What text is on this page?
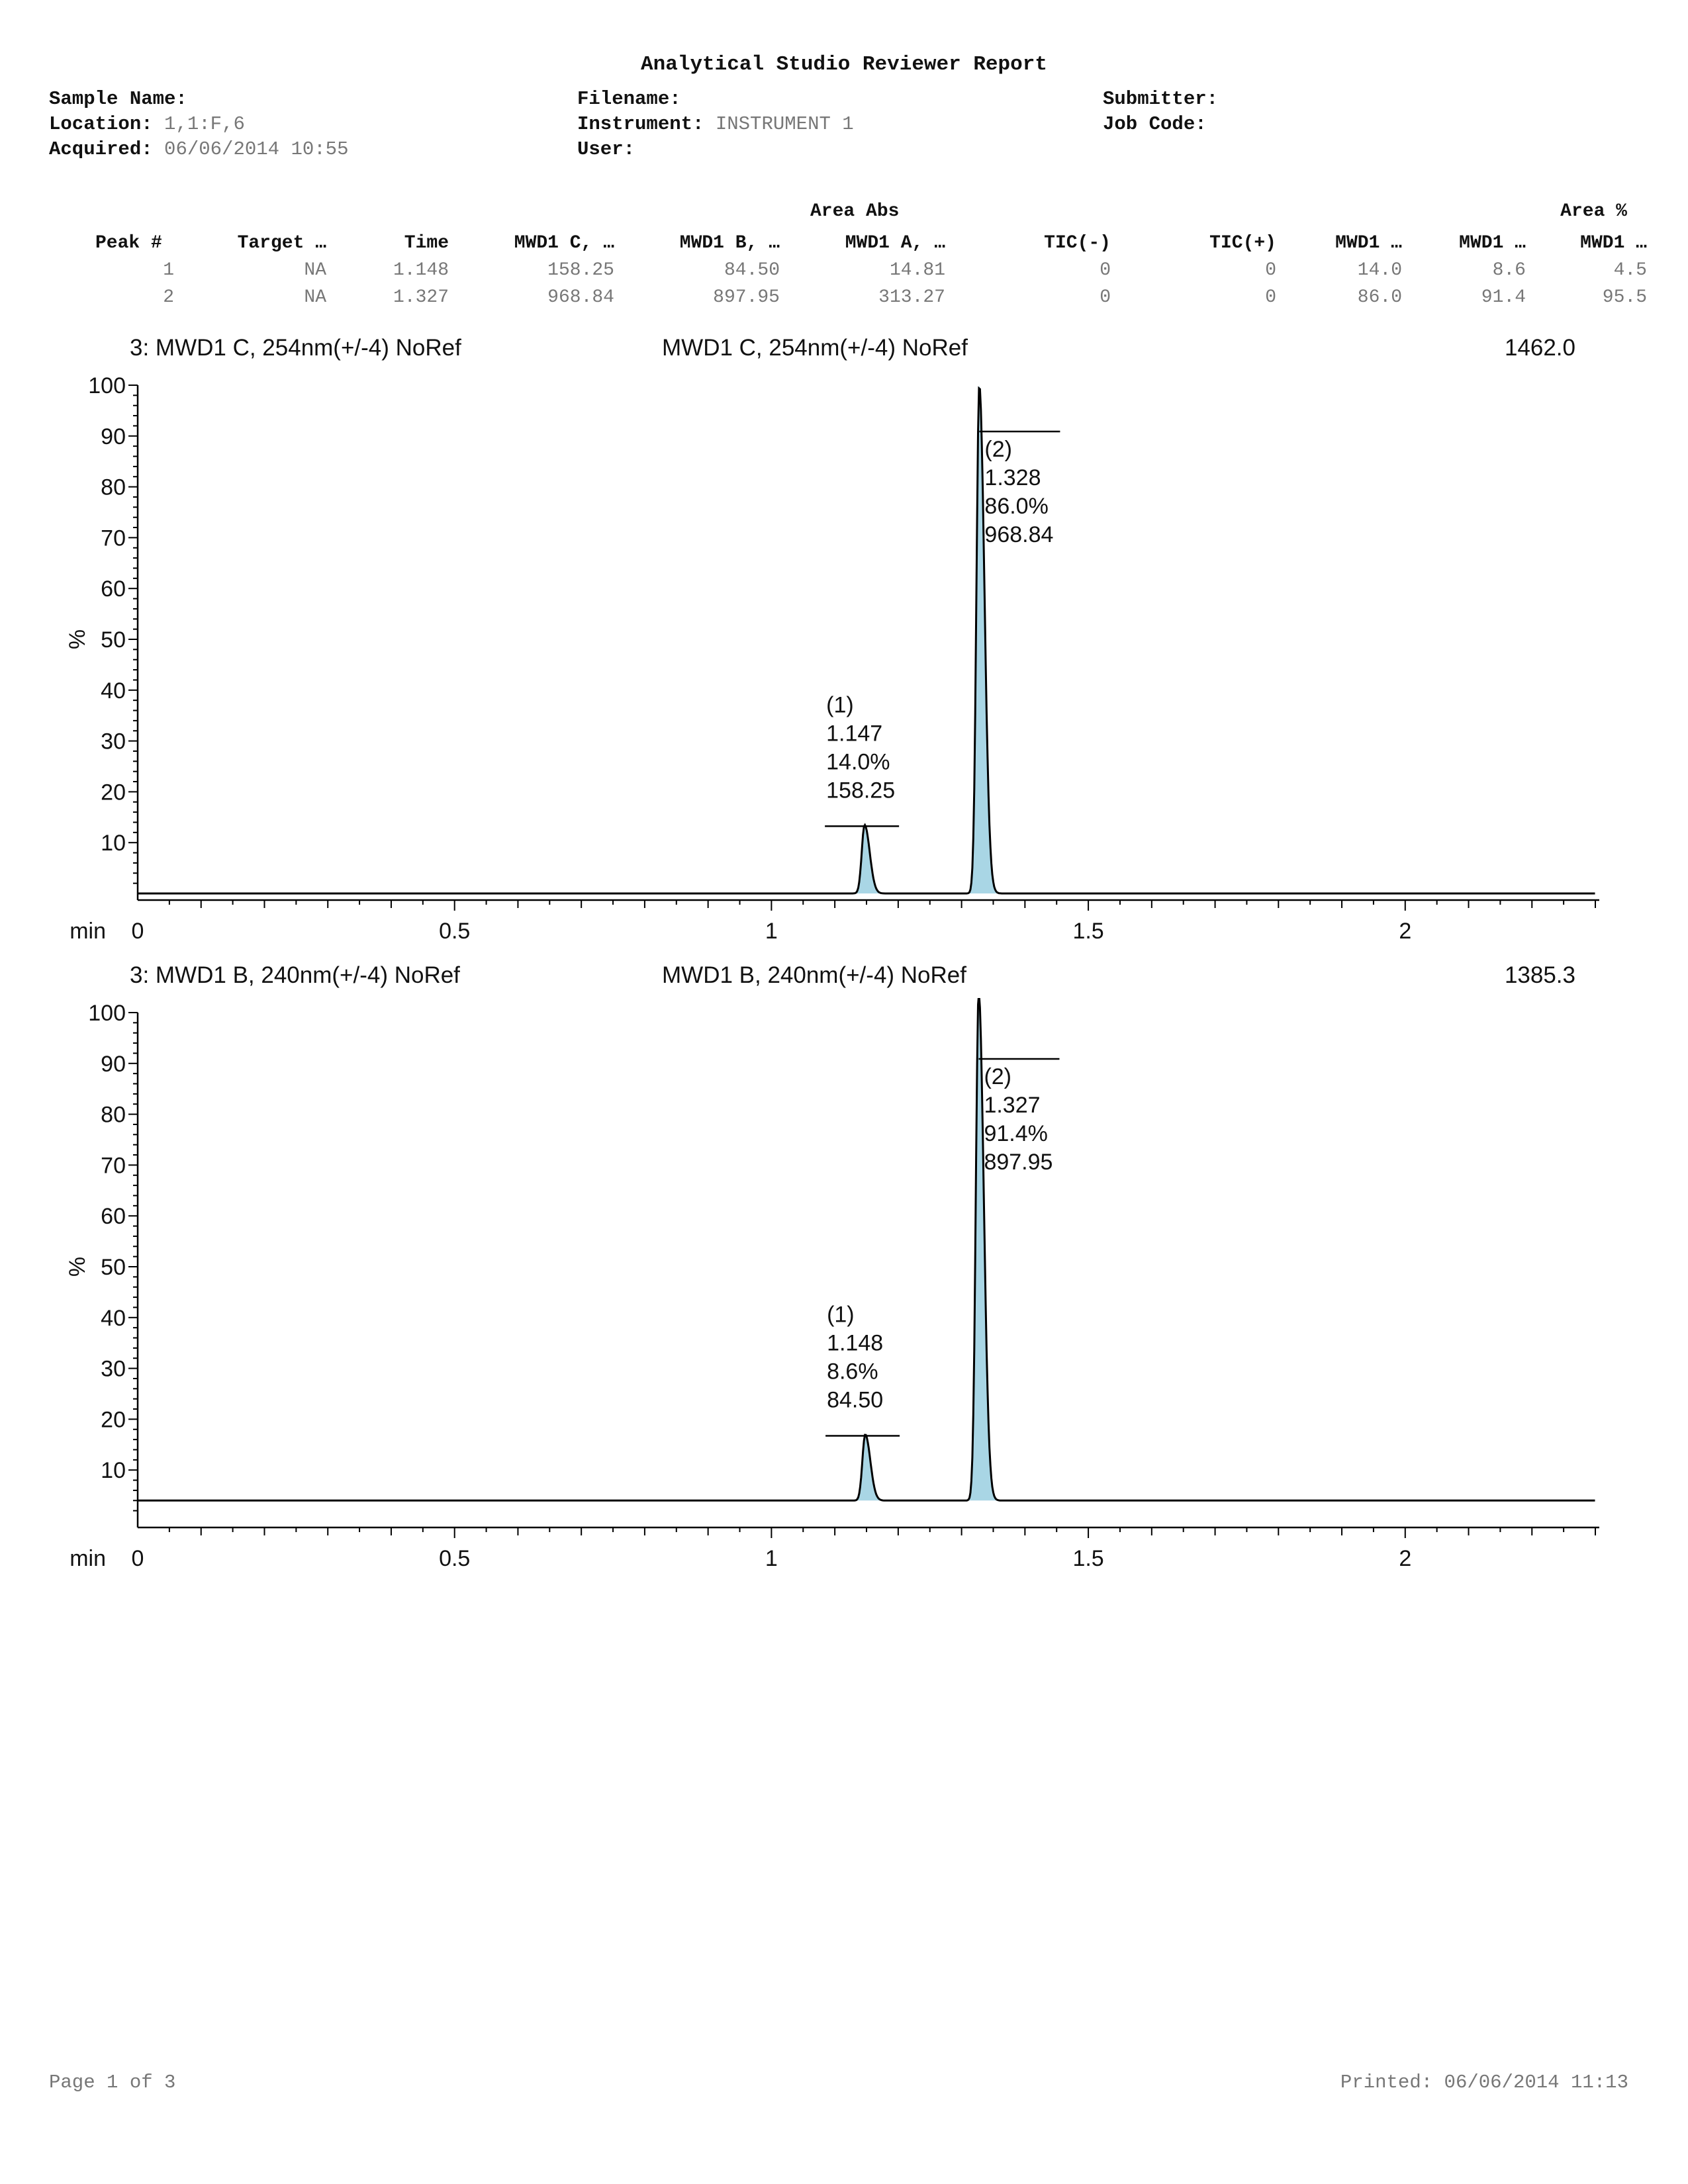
Analytical Studio Reviewer Report
Sample Name:
Location: 1,1:F,6
Acquired: 06/06/2014 10:55
Filename:
Instrument: INSTRUMENT 1
User:
Submitter:
Job Code:
Area Abs	Area %
Peak #	Target …	Time	MWD1 C, …	MWD1 B, …	MWD1 A, …	TIC(-)	TIC(+)	MWD1 …	MWD1 …	MWD1 …
1	NA	1.148	158.25	84.50	14.81	0	0	14.0	8.6	4.5
2	NA	1.327	968.84	897.95	313.27	0	0	86.0	91.4	95.5
3: MWD1 C, 254nm(+/-4) NoRef	MWD1 C, 254nm(+/-4) NoRef	1462.0
3: MWD1 B, 240nm(+/-4) NoRef	MWD1 B, 240nm(+/-4) NoRef	1385.3
10
20
30
40
50
60
70
80
90
100
%
0	0.5	1	1.5	2
min
(1)
1.147
14.0%
158.25
(2)
1.328
86.0%
968.84
10
20
30
40
50
60
70
80
90
100
%
0	0.5	1	1.5	2
min
(1)
1.148
8.6%
84.50
(2)
1.327
91.4%
897.95
Page 1 of 3	Printed: 06/06/2014 11:13
